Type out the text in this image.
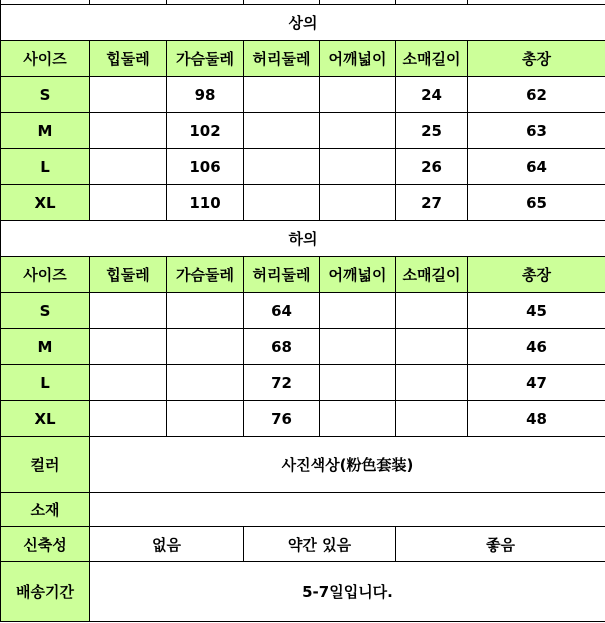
상의						
사이즈	힙둘레	가슴둘레	허리둘레	어깨넓이	소매길이	총장
S		98			24	62
M		102			25	63
L		106			26	64
XL		110			27	65
하의						
사이즈	힙둘레	가슴둘레	허리둘레	어깨넓이	소매길이	총장
S			64			45
M			68			46
L			72			47
XL			76			48
컬러	사진색상(粉色套装)					
소재						
신축성	없음		약간 있음		좋음	
배송기간	5-7일입니다.					
